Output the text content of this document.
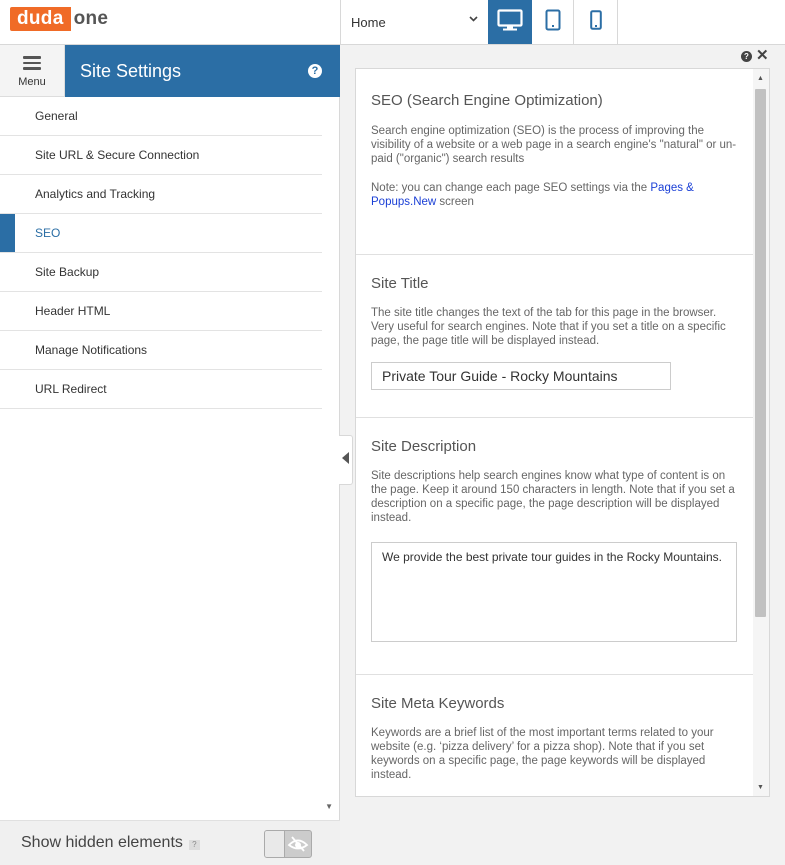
duda one	Home
Menu
Site Settings	?
General
Site URL & Secure Connection
Analytics and Tracking
SEO
Site Backup
Header HTML
Manage Notifications
URL Redirect
▼
Show hidden elements	?
? ✕
SEO (Search Engine Optimization)

Search engine optimization (SEO) is the process of improving the visibility of a website or a web page in a search engine's "natural" or un-paid ("organic") search results

Note: you can change each page SEO settings via the Pages & Popups.New screen

Site Title

The site title changes the text of the tab for this page in the browser. Very useful for search engines. Note that if you set a title on a specific page, the page title will be displayed instead.

Private Tour Guide - Rocky Mountains
Site Description

Site descriptions help search engines know what type of content is on the page. Keep it around 150 characters in length. Note that if you set a description on a specific page, the page description will be displayed instead.

We provide the best private tour guides in the Rocky Mountains.
Site Meta Keywords

Keywords are a brief list of the most important terms related to your website (e.g. ‘pizza delivery’ for a pizza shop). Note that if you set keywords on a specific page, the page keywords will be displayed instead.

▲
▼
